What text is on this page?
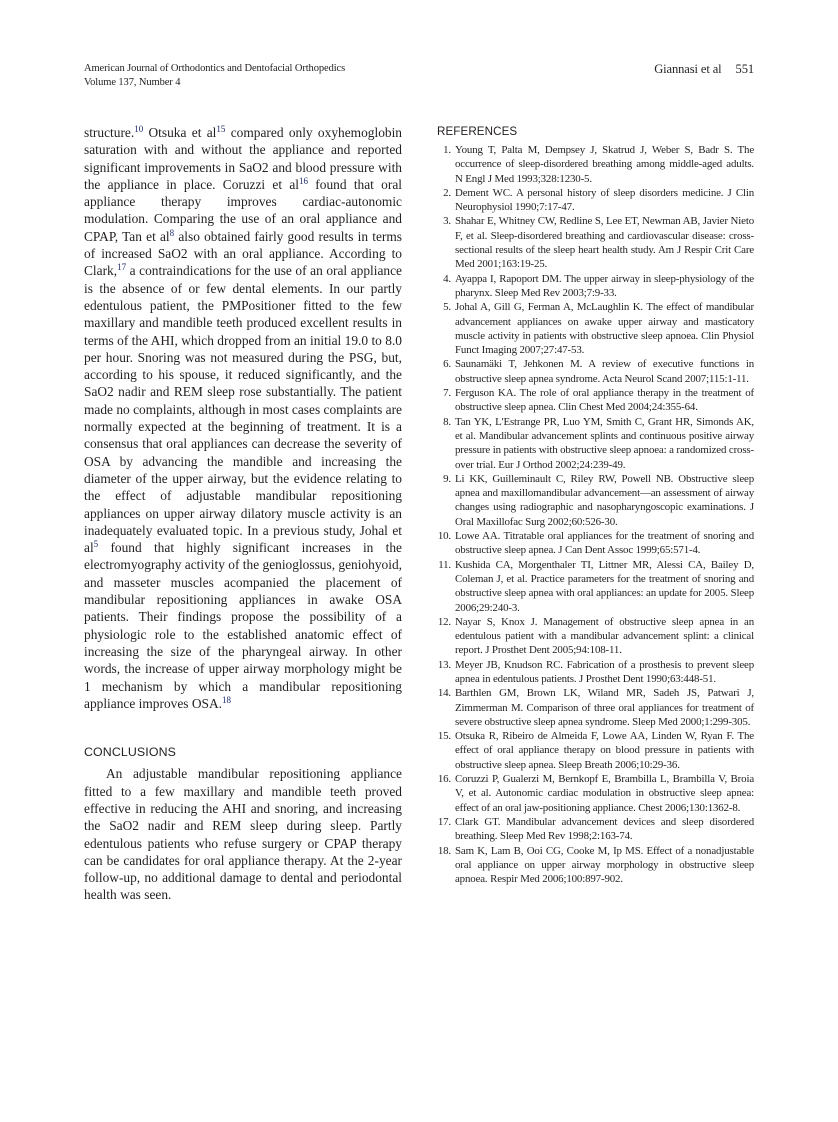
American Journal of Orthodontics and Dentofacial Orthopedics
Volume 137, Number 4
Giannasi et al 551

structure.$^{10}$ Otsuka et al$^{15}$ compared only oxyhemoglobin saturation with and without the appliance and reported significant improvements in SaO2 and blood pressure with the appliance in place. Coruzzi et al$^{16}$ found that oral appliance therapy improves cardiac-autonomic modulation. Comparing the use of an oral appliance and CPAP, Tan et al$^8$ also obtained fairly good results in terms of increased SaO2 with an oral appliance. According to Clark,$^{17}$ a contraindications for the use of an oral appliance is the absence of or few dental elements. In our partly edentulous patient, the PMPositioner fitted to the few maxillary and mandible teeth produced excellent results in terms of the AHI, which dropped from an initial 19.0 to 8.0 per hour. Snoring was not measured during the PSG, but, according to his spouse, it reduced significantly, and the SaO2 nadir and REM sleep rose substantially. The patient made no complaints, although in most cases complaints are normally expected at the beginning of treatment. It is a consensus that oral appliances can decrease the severity of OSA by advancing the mandible and increasing the diameter of the upper airway, but the evidence relating to the effect of adjustable mandibular repositioning appliances on upper airway dilatory muscle activity is an inadequately evaluated topic. In a previous study, Johal et al$^5$ found that highly significant increases in the electromyography activity of the genioglossus, geniohyoid, and masseter muscles acompanied the placement of mandibular repositioning appliances in awake OSA patients. Their findings propose the possibility of a physiologic role to the established anatomic effect of increasing the size of the pharyngeal airway. In other words, the increase of upper airway morphology might be 1 mechanism by which a mandibular repositioning appliance improves OSA.$^{18}$

CONCLUSIONS

An adjustable mandibular repositioning appliance fitted to a few maxillary and mandible teeth proved effective in reducing the AHI and snoring, and increasing the SaO2 nadir and REM sleep during sleep. Partly edentulous patients who refuse surgery or CPAP therapy can be candidates for oral appliance therapy. At the 2-year follow-up, no additional damage to dental and periodontal health was seen.

REFERENCES
1. Young T, Palta M, Dempsey J, Skatrud J, Weber S, Badr S. The occurrence of sleep-disordered breathing among middle-aged adults. N Engl J Med 1993;328:1230-5.
2. Dement WC. A personal history of sleep disorders medicine. J Clin Neurophysiol 1990;7:17-47.
3. Shahar E, Whitney CW, Redline S, Lee ET, Newman AB, Javier Nieto F, et al. Sleep-disordered breathing and cardiovascular disease: cross-sectional results of the sleep heart health study. Am J Respir Crit Care Med 2001;163:19-25.
4. Ayappa I, Rapoport DM. The upper airway in sleep-physiology of the pharynx. Sleep Med Rev 2003;7:9-33.
5. Johal A, Gill G, Ferman A, McLaughlin K. The effect of mandibular advancement appliances on awake upper airway and masticatory muscle activity in patients with obstructive sleep apnoea. Clin Physiol Funct Imaging 2007;27:47-53.
6. Saunamäki T, Jehkonen M. A review of executive functions in obstructive sleep apnea syndrome. Acta Neurol Scand 2007;115:1-11.
7. Ferguson KA. The role of oral appliance therapy in the treatment of obstructive sleep apnea. Clin Chest Med 2004;24:355-64.
8. Tan YK, L'Estrange PR, Luo YM, Smith C, Grant HR, Simonds AK, et al. Mandibular advancement splints and continuous positive airway pressure in patients with obstructive sleep apnoea: a randomized cross-over trial. Eur J Orthod 2002;24:239-49.
9. Li KK, Guilleminault C, Riley RW, Powell NB. Obstructive sleep apnea and maxillomandibular advancement—an assessment of airway changes using radiographic and nasopharyngoscopic examinations. J Oral Maxillofac Surg 2002;60:526-30.
10. Lowe AA. Titratable oral appliances for the treatment of snoring and obstructive sleep apnea. J Can Dent Assoc 1999;65:571-4.
11. Kushida CA, Morgenthaler TI, Littner MR, Alessi CA, Bailey D, Coleman J, et al. Practice parameters for the treatment of snoring and obstructive sleep apnea with oral appliances: an update for 2005. Sleep 2006;29:240-3.
12. Nayar S, Knox J. Management of obstructive sleep apnea in an edentulous patient with a mandibular advancement splint: a clinical report. J Prosthet Dent 2005;94:108-11.
13. Meyer JB, Knudson RC. Fabrication of a prosthesis to prevent sleep apnea in edentulous patients. J Prosthet Dent 1990;63:448-51.
14. Barthlen GM, Brown LK, Wiland MR, Sadeh JS, Patwari J, Zimmerman M. Comparison of three oral appliances for treatment of severe obstructive sleep apnea syndrome. Sleep Med 2000;1:299-305.
15. Otsuka R, Ribeiro de Almeida F, Lowe AA, Linden W, Ryan F. The effect of oral appliance therapy on blood pressure in patients with obstructive sleep apnea. Sleep Breath 2006;10:29-36.
16. Coruzzi P, Gualerzi M, Bernkopf E, Brambilla L, Brambilla V, Broia V, et al. Autonomic cardiac modulation in obstructive sleep apnea: effect of an oral jaw-positioning appliance. Chest 2006;130:1362-8.
17. Clark GT. Mandibular advancement devices and sleep disordered breathing. Sleep Med Rev 1998;2:163-74.
18. Sam K, Lam B, Ooi CG, Cooke M, Ip MS. Effect of a nonadjustable oral appliance on upper airway morphology in obstructive sleep apnoea. Respir Med 2006;100:897-902.
